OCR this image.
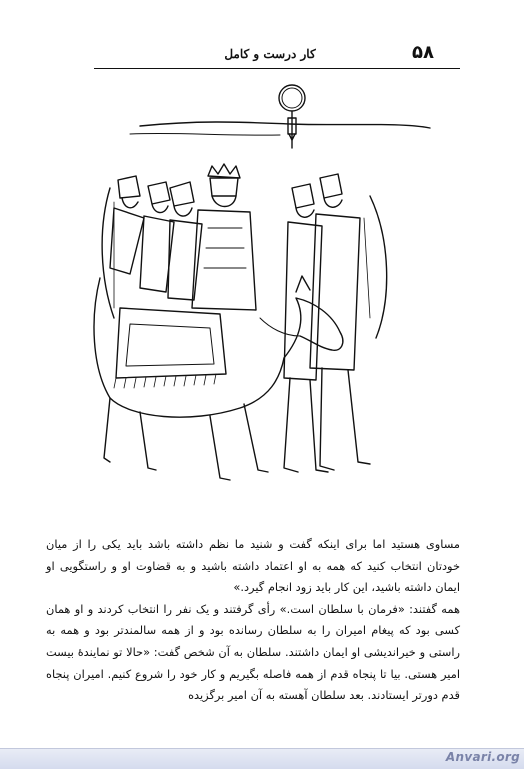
۵۸
کار درست و کامل

مساوی هستید اما برای اینکه گفت و شنید ما نظم داشته باشد باید یکی را از میان خودتان انتخاب کنید که همه به او اعتماد داشته باشید و به قضاوت او و راستگویی او ایمان داشته باشید، این کار باید زود انجام گیرد.»

همه گفتند: «فرمان با سلطان است.» رأی گرفتند و یک نفر را انتخاب کردند و او همان کسی بود که پیغام امیران را به سلطان رسانده بود و از همه سالمندتر بود و همه به راستی و خیراندیشی او ایمان داشتند. سلطان به آن شخص گفت: «حالا تو نمایندهٔ بیست امیر هستی. بیا تا پنجاه قدم از همه فاصله بگیریم و کار خود را شروع کنیم. امیران پنجاه قدم دورتر ایستادند. بعد سلطان آهسته به آن امیر برگزیده

Anvari.org
